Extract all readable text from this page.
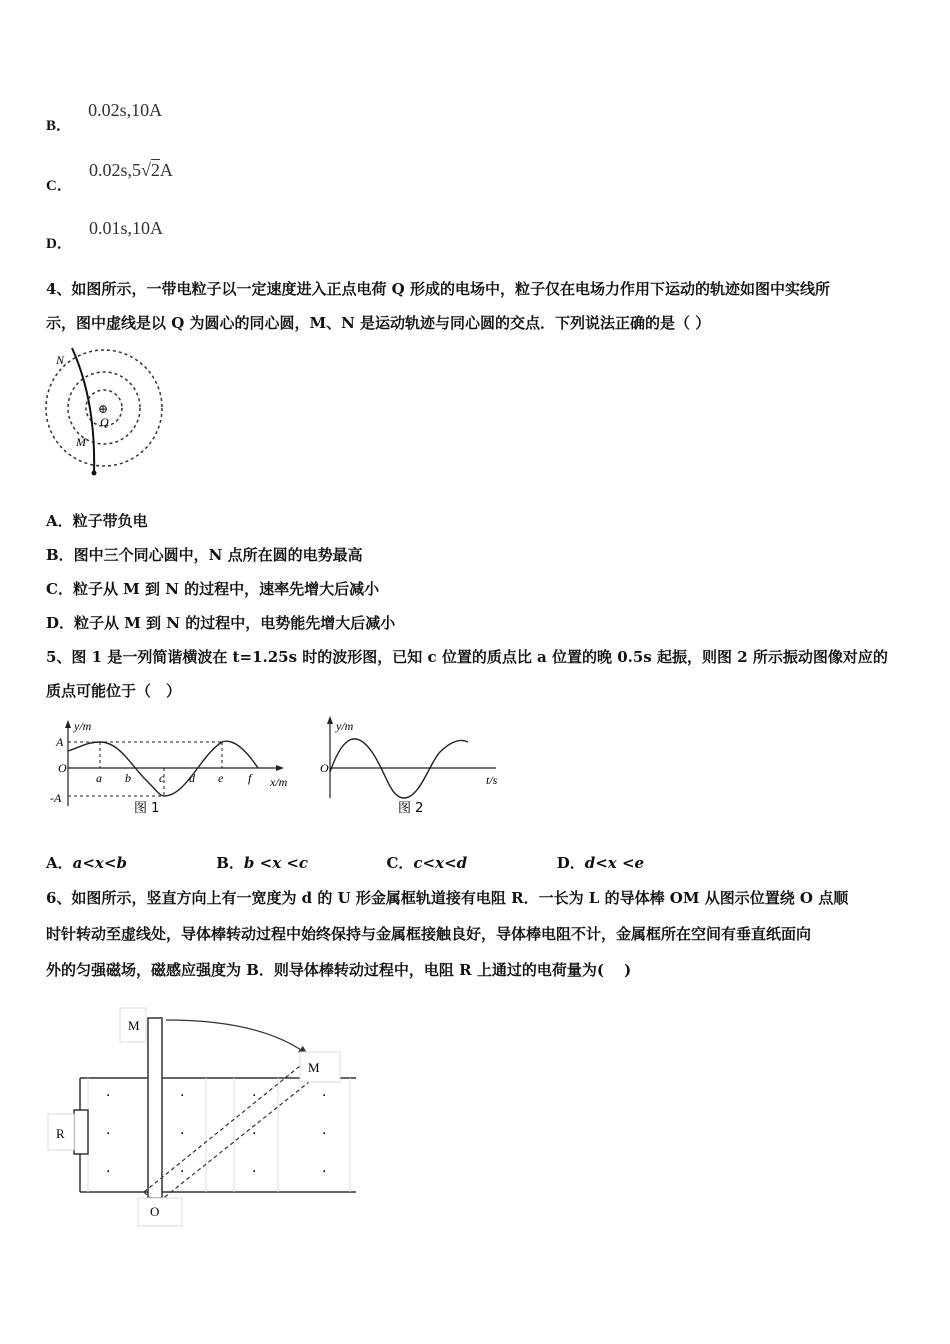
B． 0.02s,10A
C． 0.02s,5√2A
D． 0.01s,10A
4、如图所示，一带电粒子以一定速度进入正点电荷 Q 形成的电场中，粒子仅在电场力作用下运动的轨迹如图中实线所
示，图中虚线是以 Q 为圆心的同心圆，M、N 是运动轨迹与同心圆的交点．下列说法正确的是（ ）
N
M
⊕
Q
A．粒子带负电
B．图中三个同心圆中，N 点所在圆的电势最高
C．粒子从 M 到 N 的过程中，速率先增大后减小
D．粒子从 M 到 N 的过程中，电势能先增大后减小
5、图 1 是一列简谐横波在 t=1.25s 时的波形图，已知 c 位置的质点比 a 位置的晚 0.5s 起振，则图 2 所示振动图像对应的
质点可能位于（　）
y/m
A
O
-A
a b c d e f x/m
图 1
y/m
O
t/s
图 2
A．a<x<b	B．b <x <c	C．c<x<d	D．d<x <e
6、如图所示，竖直方向上有一宽度为 d 的 U 形金属框轨道接有电阻 R．一长为 L 的导体棒 OM 从图示位置绕 O 点顺
时针转动至虚线处，导体棒转动过程中始终保持与金属框接触良好，导体棒电阻不计，金属框所在空间有垂直纸面向
外的匀强磁场，磁感应强度为 B．则导体棒转动过程中，电阻 R 上通过的电荷量为(　 )
R
·
·
·
·
·
·
·
·
·
·
·
·
M
M
O
